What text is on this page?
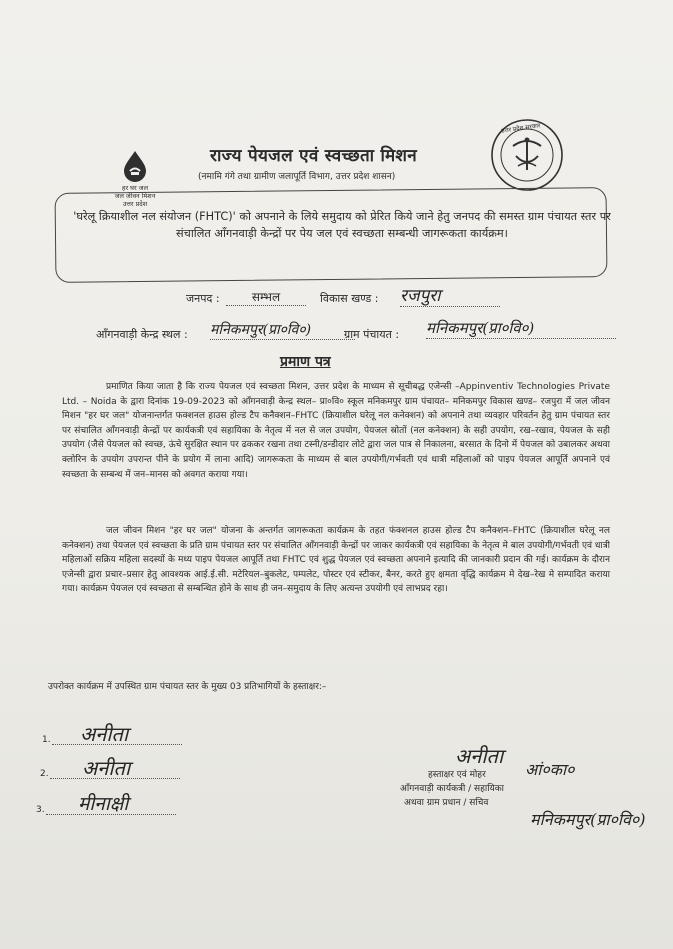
हर घर जल
जल जीवन मिशन
उत्तर प्रदेश
राज्य पेयजल एवं स्वच्छता मिशन
(नमामि गंगे तथा ग्रामीण जलापूर्ति विभाग, उत्तर प्रदेश शासन)
उत्तर प्रदेश सरकार
'घरेलू क्रियाशील नल संयोजन (FHTC)' को अपनाने के लिये समुदाय को प्रेरित किये जाने हेतु जनपद की समस्त ग्राम पंचायत स्तर पर संचालित ऑंगनवाड़ी केन्द्रों पर पेय जल एवं स्वच्छता सम्बन्धी जागरूकता कार्यक्रम।
जनपद :	सम्भल	विकास खण्ड : रजपुरा
ऑंगनवाड़ी केन्द्र स्थल : मनिकमपुर(प्रा०वि०)	ग्राम पंचायत : मनिकमपुर(प्रा०वि०)
प्रमाण पत्र
प्रमाणित किया जाता है कि राज्य पेयजल एवं स्वच्छता मिशन, उत्तर प्रदेश के माध्यम से सूचीबद्ध एजेन्सी –Appinventiv Technologies Private Ltd. – Noida के द्वारा दिनांक 19-09-2023 को ऑंगनवाड़ी केन्द्र स्थल– प्रा०वि० स्कूल मनिकमपुर ग्राम पंचायत– मनिकमपुर विकास खण्ड– रजपुरा में जल जीवन मिशन "हर घर जल" योजनान्तर्गत फक्शनल हाउस होल्ड टैप कनैक्शन–FHTC (क्रियाशील घरेलू नल कनेक्शन) को अपनाने तथा व्यवहार परिवर्तन हेतु ग्राम पंचायत स्तर पर संचालित ऑंगनवाड़ी केन्द्रों पर कार्यकत्री एवं सहायिका के नेतृत्व में नल से जल उपयोग, पेयजल स्रोतों (नल कनेक्शन) के सही उपयोग, रख–रखाव, पेयजल के सही उपयोग (जैसे पेयजल को स्वच्छ, ऊंचे सुरक्षित स्थान पर ढककर रखना तथा टस्नी/डन्डीदार लोटे द्वारा जल पात्र से निकालना, बरसात के दिनो में पेयजल को उबालकर अथवा क्लोरिन के उपयोग उपरान्त पीने के प्रयोग में लाना आदि) जागरूकता के माध्यम से बाल उपयोगी/गर्भवती एवं धात्री महिलाओं को पाइप पेयजल आपूर्ति अपनाने एवं स्वच्छता के सम्बन्ध में जन–मानस को अवगत कराया गया।
जल जीवन मिशन "हर घर जल" योजना के अन्तर्गत जागरूकता कार्यक्रम के तहत फंक्शनल हाउस होल्ड टैप कनैक्शन–FHTC (क्रियाशील घरेलू नल कनेक्शन) तथा पेयजल एवं स्वच्छता के प्रति ग्राम पंचायत स्तर पर संचालित ऑंगनवाड़ी केन्द्रों पर जाकर कार्यकत्री एवं सहायिका के नेतृत्व मे बाल उपयोगी/गर्भवती एवं धात्री महिलाओं सक्रिय महिला सदस्यों के मध्य पाइप पेयजल आपूर्ति तथा FHTC एवं शुद्ध पेयजल एवं स्वच्छता अपनाने इत्यादि की जानकारी प्रदान की गई। कार्यक्रम के दौरान एजेन्सी द्वारा प्रचार–प्रसार हेतु आवश्यक आई.ई.सी. मटेरियल–बुकलेट, पम्पलेट, पोस्टर एवं स्टीकर, बैनर, करते हुए क्षमता वृद्धि कार्यक्रम मे देख–रेख मे सम्पादित कराया गया। कार्यक्रम पेयजल एवं स्वच्छता से सम्बन्धित होने के साथ ही जन–समुदाय के लिए अत्यन्त उपयोगी एवं लाभप्रद रहा।
उपरोक्त कार्यक्रम में उपस्थित ग्राम पंचायत स्तर के मुख्य 03 प्रतिभागियों के हस्ताक्षर:–
1. अनीता
2. अनीता
3. मीनाक्षी
अनीता
आं०का०
हस्ताक्षर एवं मोहर
ऑंगनवाड़ी कार्यकत्री / सहायिका
अथवा ग्राम प्रधान / सचिव
मनिकमपुर(प्रा०वि०)
